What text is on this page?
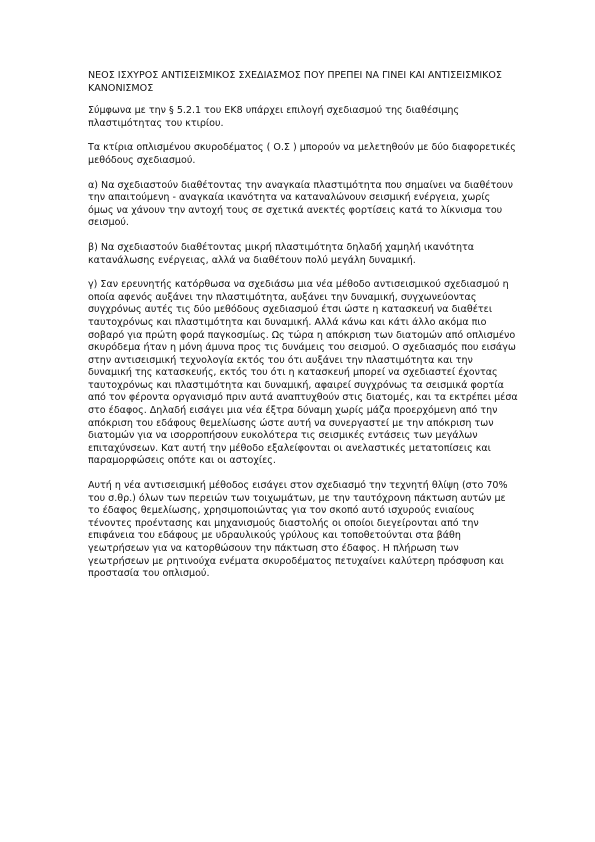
ΝΕΟΣ ΙΣΧΥΡΟΣ ΑΝΤΙΣΕΙΣΜΙΚΟΣ ΣΧΕΔΙΑΣΜΟΣ ΠΟΥ ΠΡΕΠΕΙ ΝΑ ΓΙΝΕΙ ΚΑΙ ΑΝΤΙΣΕΙΣΜΙΚΟΣ ΚΑΝΟΝΙΣΜΟΣ
Σύμφωνα με την § 5.2.1 του ΕΚ8 υπάρχει επιλογή σχεδιασμού της διαθέσιμης πλαστιμότητας του κτιρίου.
Τα κτίρια οπλισμένου σκυροδέματος ( Ο.Σ ) μπορούν να μελετηθούν με δύο διαφορετικές μεθόδους σχεδιασμού.
α) Να σχεδιαστούν διαθέτοντας την αναγκαία πλαστιμότητα που σημαίνει να διαθέτουν την απαιτούμενη - αναγκαία ικανότητα να καταναλώνουν σεισμική ενέργεια, χωρίς όμως να χάνουν την αντοχή τους σε σχετικά ανεκτές φορτίσεις κατά το λίκνισμα του σεισμού.
β) Να σχεδιαστούν διαθέτοντας μικρή πλαστιμότητα δηλαδή χαμηλή ικανότητα κατανάλωσης ενέργειας, αλλά να διαθέτουν πολύ μεγάλη δυναμική.
γ) Σαν ερευνητής κατόρθωσα να σχεδιάσω μια νέα μέθοδο αντισεισμικού σχεδιασμού η οποία αφενός αυξάνει την πλαστιμότητα, αυξάνει την δυναμική, συγχωνεύοντας συγχρόνως αυτές τις δύο μεθόδους σχεδιασμού έτσι ώστε η κατασκευή να διαθέτει ταυτοχρόνως και πλαστιμότητα και δυναμική. Αλλά κάνω και κάτι άλλο ακόμα πιο σοβαρό για πρώτη φορά παγκοσμίως. Ως τώρα η απόκριση των διατομών από οπλισμένο σκυρόδεμα ήταν η μόνη άμυνα προς τις δυνάμεις του σεισμού. Ο σχεδιασμός που εισάγω στην αντισεισμική τεχνολογία εκτός του ότι αυξάνει την πλαστιμότητα και την δυναμική της κατασκευής, εκτός του ότι η κατασκευή μπορεί να σχεδιαστεί έχοντας ταυτοχρόνως και πλαστιμότητα και δυναμική, αφαιρεί συγχρόνως τα σεισμικά φορτία από τον φέροντα οργανισμό πριν αυτά αναπτυχθούν στις διατομές, και τα εκτρέπει μέσα στο έδαφος. Δηλαδή εισάγει μια νέα έξτρα δύναμη χωρίς μάζα προερχόμενη από την απόκριση του εδάφους θεμελίωσης ώστε αυτή να συνεργαστεί με την απόκριση των διατομών για να ισορροπήσουν ευκολότερα τις σεισμικές εντάσεις των μεγάλων επιταχύνσεων. Κατ αυτή την μέθοδο εξαλείφονται οι ανελαστικές μετατοπίσεις και παραμορφώσεις οπότε και οι αστοχίες.
Αυτή η νέα αντισεισμική μέθοδος εισάγει στον σχεδιασμό την τεχνητή θλίψη (στο 70% του σ.θρ.) όλων των περειών των τοιχωμάτων, με την ταυτόχρονη πάκτωση αυτών με το έδαφος θεμελίωσης, χρησιμοποιώντας για τον σκοπό αυτό ισχυρούς ενιαίους τένοντες προέντασης και μηχανισμούς διαστολής οι οποίοι διεγείρονται από την επιφάνεια του εδάφους με υδραυλικούς γρύλους και τοποθετούνται στα βάθη γεωτρήσεων για να κατορθώσουν την πάκτωση στο έδαφος. Η πλήρωση των γεωτρήσεων με ρητινούχα ενέματα σκυροδέματος πετυχαίνει καλύτερη πρόσφυση και προστασία του οπλισμού.
